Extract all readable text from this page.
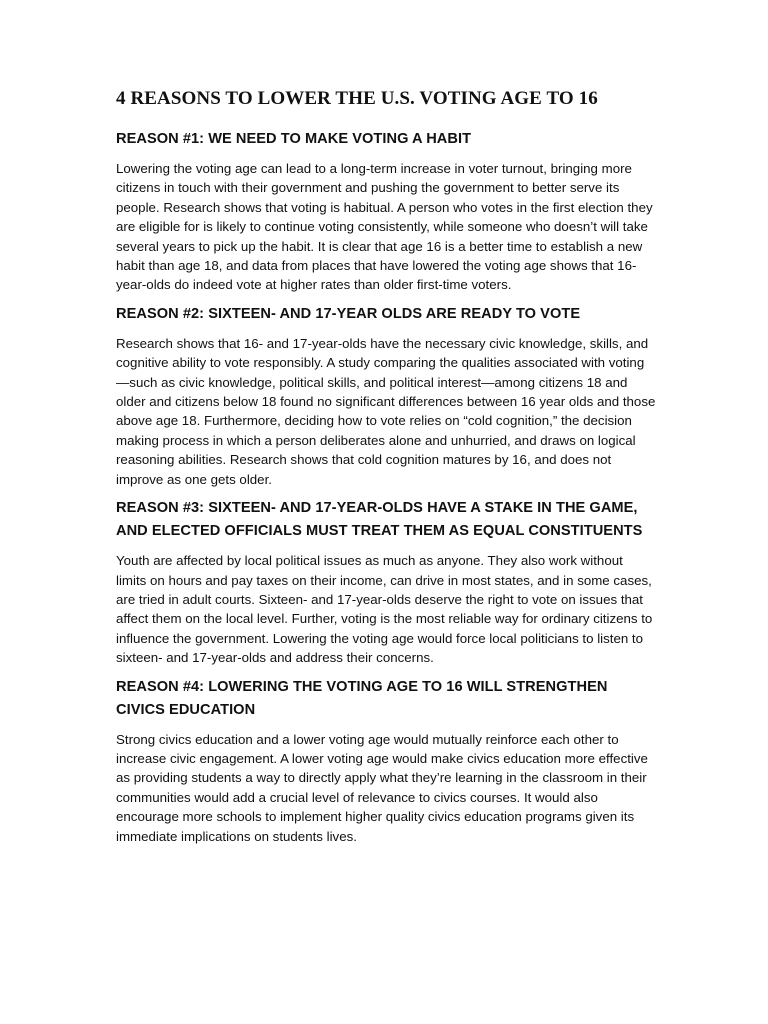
4 REASONS TO LOWER THE U.S. VOTING AGE TO 16
REASON #1: WE NEED TO MAKE VOTING A HABIT

Lowering the voting age can lead to a long-term increase in voter turnout, bringing more citizens in touch with their government and pushing the government to better serve its people. Research shows that voting is habitual. A person who votes in the first election they are eligible for is likely to continue voting consistently, while someone who doesn’t will take several years to pick up the habit. It is clear that age 16 is a better time to establish a new habit than age 18, and data from places that have lowered the voting age shows that 16-year-olds do indeed vote at higher rates than older first-time voters.

REASON #2: SIXTEEN- AND 17-YEAR OLDS ARE READY TO VOTE

Research shows that 16- and 17-year-olds have the necessary civic knowledge, skills, and cognitive ability to vote responsibly. A study comparing the qualities associated with voting—such as civic knowledge, political skills, and political interest—among citizens 18 and older and citizens below 18 found no significant differences between 16 year olds and those above age 18. Furthermore, deciding how to vote relies on “cold cognition,” the decision making process in which a person deliberates alone and unhurried, and draws on logical reasoning abilities. Research shows that cold cognition matures by 16, and does not improve as one gets older.

REASON #3: SIXTEEN- AND 17-YEAR-OLDS HAVE A STAKE IN THE GAME, AND ELECTED OFFICIALS MUST TREAT THEM AS EQUAL CONSTITUENTS

Youth are affected by local political issues as much as anyone. They also work without limits on hours and pay taxes on their income, can drive in most states, and in some cases, are tried in adult courts. Sixteen- and 17-year-olds deserve the right to vote on issues that affect them on the local level. Further, voting is the most reliable way for ordinary citizens to influence the government. Lowering the voting age would force local politicians to listen to sixteen- and 17-year-olds and address their concerns.

REASON #4: LOWERING THE VOTING AGE TO 16 WILL STRENGTHEN CIVICS EDUCATION

Strong civics education and a lower voting age would mutually reinforce each other to increase civic engagement. A lower voting age would make civics education more effective as providing students a way to directly apply what they’re learning in the classroom in their communities would add a crucial level of relevance to civics courses. It would also encourage more schools to implement higher quality civics education programs given its immediate implications on students lives.
